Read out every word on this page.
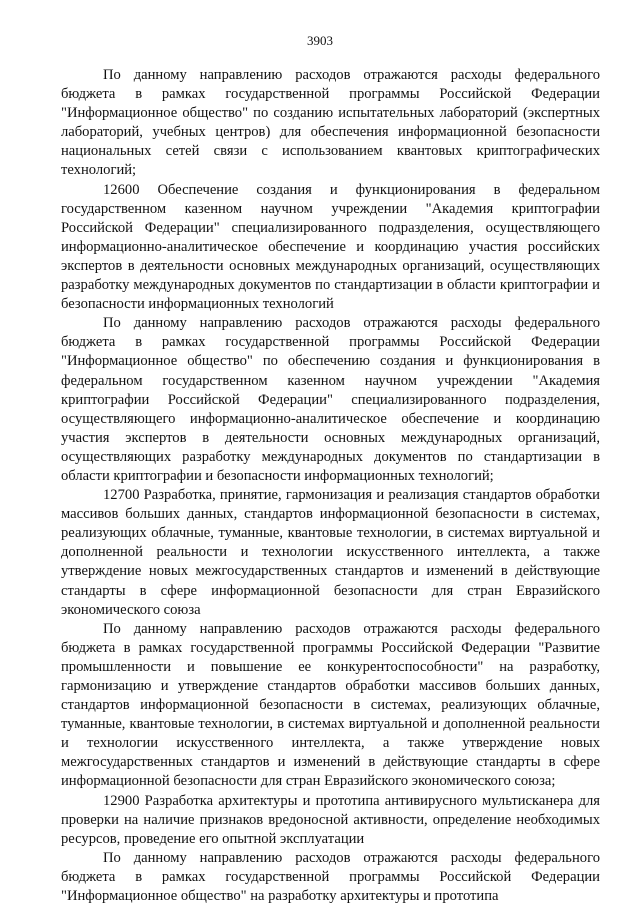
3903

По данному направлению расходов отражаются расходы федерального бюджета в рамках государственной программы Российской Федерации "Информационное общество" по созданию испытательных лабораторий (экспертных лабораторий, учебных центров) для обеспечения информационной безопасности национальных сетей связи с использованием квантовых криптографических технологий;

12600 Обеспечение создания и функционирования в федеральном государственном казенном научном учреждении "Академия криптографии Российской Федерации" специализированного подразделения, осуществляющего информационно-аналитическое обеспечение и координацию участия российских экспертов в деятельности основных международных организаций, осуществляющих разработку международных документов по стандартизации в области криптографии и безопасности информационных технологий

По данному направлению расходов отражаются расходы федерального бюджета в рамках государственной программы Российской Федерации "Информационное общество" по обеспечению создания и функционирования в федеральном государственном казенном научном учреждении "Академия криптографии Российской Федерации" специализированного подразделения, осуществляющего информационно-аналитическое обеспечение и координацию участия экспертов в деятельности основных международных организаций, осуществляющих разработку международных документов по стандартизации в области криптографии и безопасности информационных технологий;

12700 Разработка, принятие, гармонизация и реализация стандартов обработки массивов больших данных, стандартов информационной безопасности в системах, реализующих облачные, туманные, квантовые технологии, в системах виртуальной и дополненной реальности и технологии искусственного интеллекта, а также утверждение новых межгосударственных стандартов и изменений в действующие стандарты в сфере информационной безопасности для стран Евразийского экономического союза

По данному направлению расходов отражаются расходы федерального бюджета в рамках государственной программы Российской Федерации "Развитие промышленности и повышение ее конкурентоспособности" на разработку, гармонизацию и утверждение стандартов обработки массивов больших данных, стандартов информационной безопасности в системах, реализующих облачные, туманные, квантовые технологии, в системах виртуальной и дополненной реальности и технологии искусственного интеллекта, а также утверждение новых межгосударственных стандартов и изменений в действующие стандарты в сфере информационной безопасности для стран Евразийского экономического союза;

12900 Разработка архитектуры и прототипа антивирусного мультисканера для проверки на наличие признаков вредоносной активности, определение необходимых ресурсов, проведение его опытной эксплуатации

По данному направлению расходов отражаются расходы федерального бюджета в рамках государственной программы Российской Федерации "Информационное общество" на разработку архитектуры и прототипа
